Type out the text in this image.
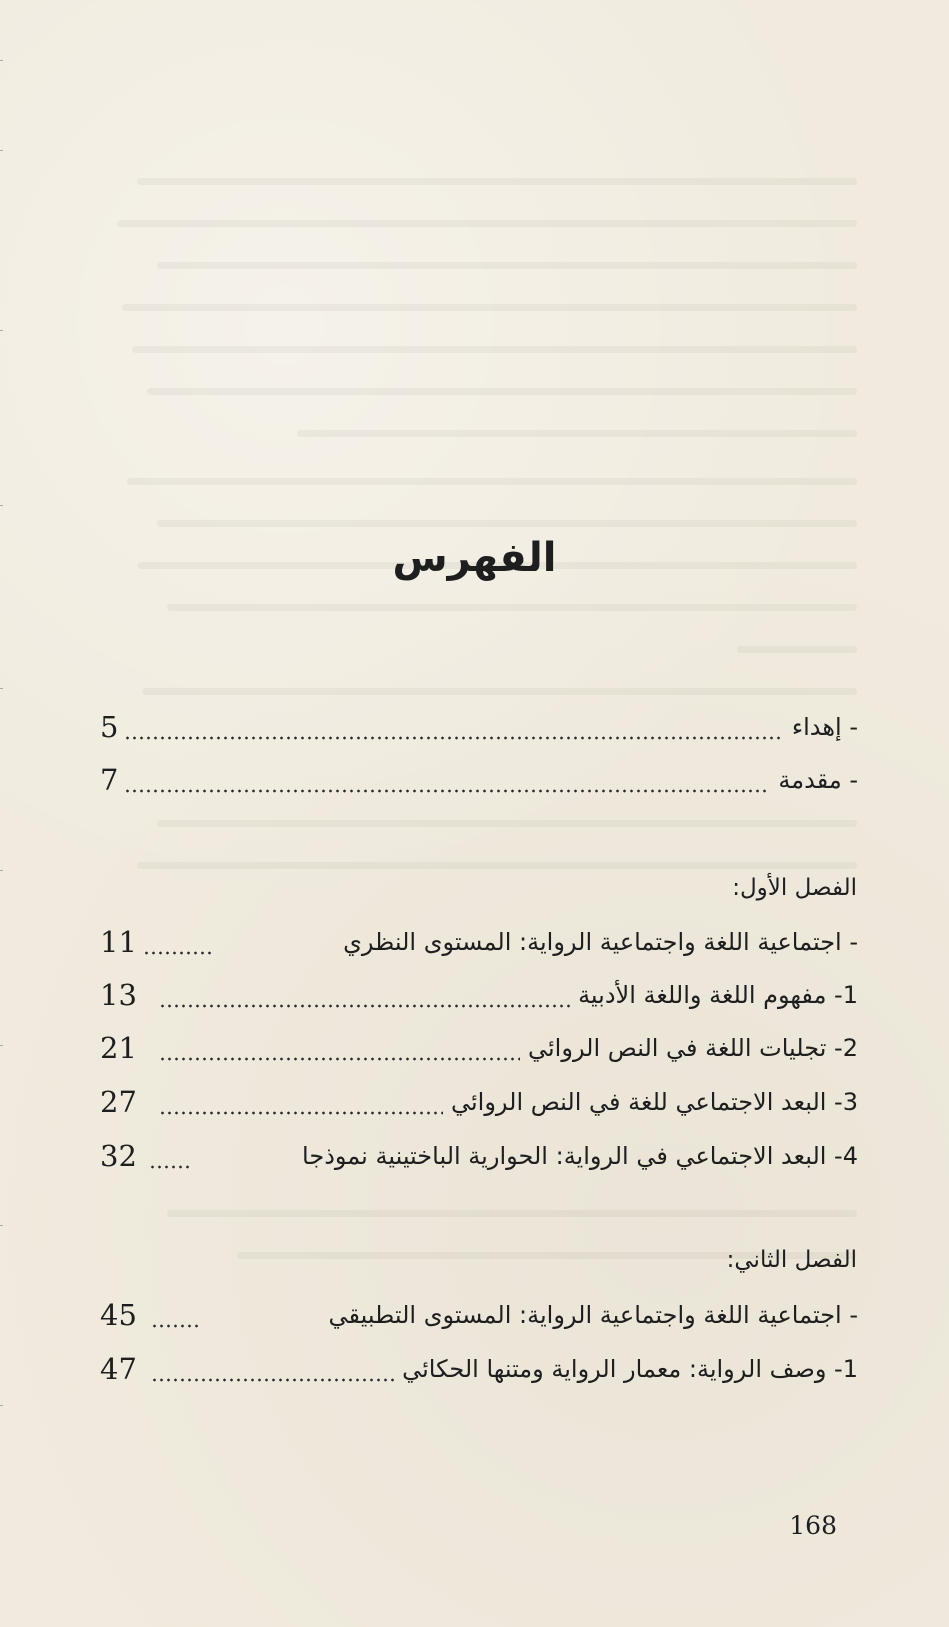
الفهرس
5	- إهداء
7	- مقدمة
الفصل الأول:
11	- اجتماعية اللغة واجتماعية الرواية: المستوى النظري
13	1- مفهوم اللغة واللغة الأدبية
21	2- تجليات اللغة في النص الروائي
27	3- البعد الاجتماعي للغة في النص الروائي
32	4- البعد الاجتماعي في الرواية: الحوارية الباختينية نموذجا
الفصل الثاني:
45	- اجتماعية اللغة واجتماعية الرواية: المستوى التطبيقي
47	1- وصف الرواية: معمار الرواية ومتنها الحكائي
168
